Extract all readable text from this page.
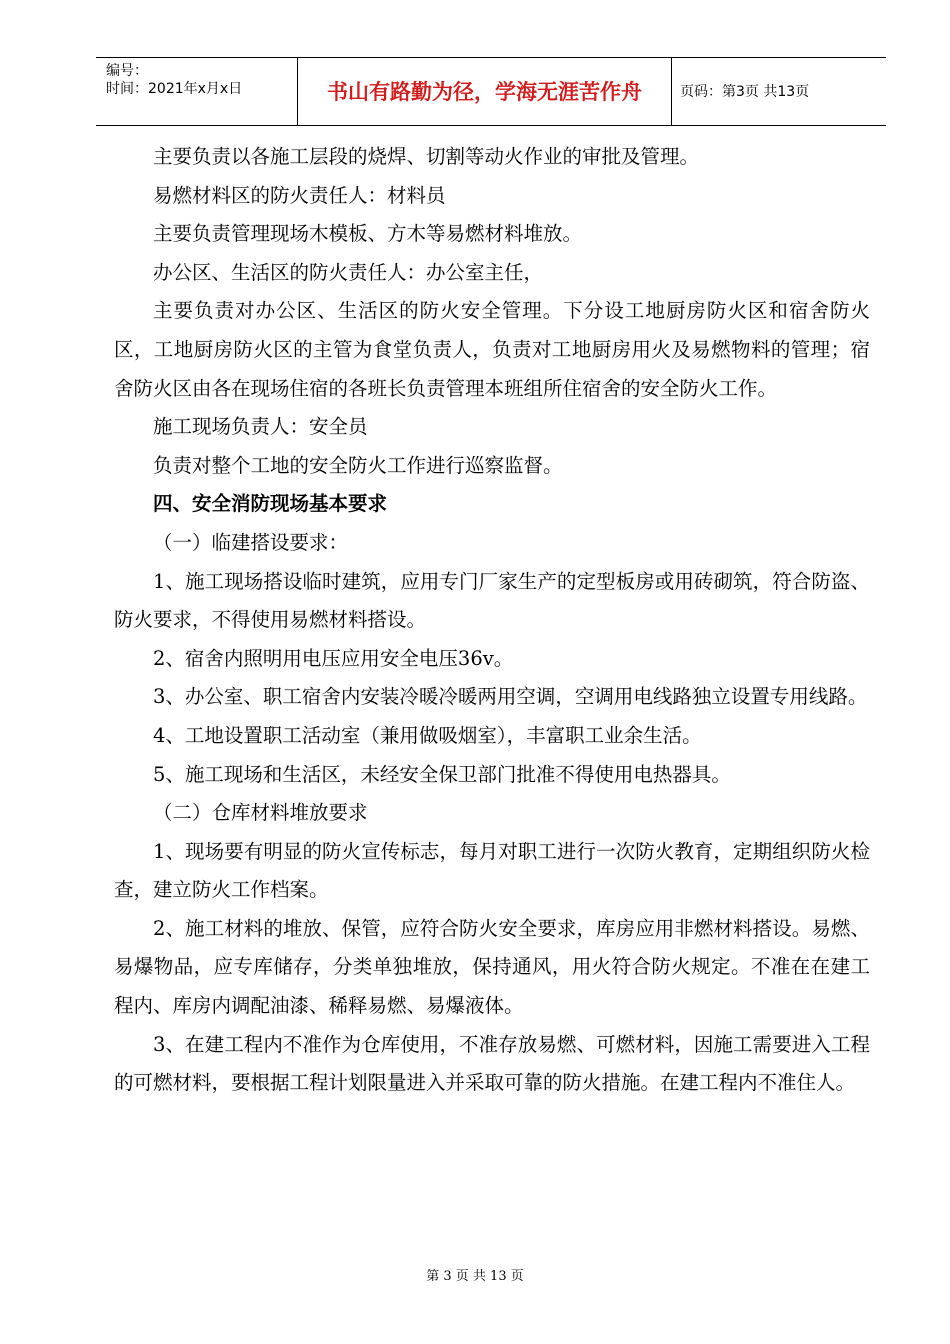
编号：
时间：2021年x月x日	书山有路勤为径，学海无涯苦作舟	页码：第3页 共13页

主要负责以各施工层段的烧焊、切割等动火作业的审批及管理。

易燃材料区的防火责任人：材料员

主要负责管理现场木模板、方木等易燃材料堆放。

办公区、生活区的防火责任人：办公室主任，

主要负责对办公区、生活区的防火安全管理。下分设工地厨房防火区和宿舍防火区，工地厨房防火区的主管为食堂负责人，负责对工地厨房用火及易燃物料的管理；宿舍防火区由各在现场住宿的各班长负责管理本班组所住宿舍的安全防火工作。

施工现场负责人：安全员

负责对整个工地的安全防火工作进行巡察监督。

四、安全消防现场基本要求

（一）临建搭设要求：

1、施工现场搭设临时建筑，应用专门厂家生产的定型板房或用砖砌筑，符合防盗、防火要求，不得使用易燃材料搭设。

2、宿舍内照明用电压应用安全电压36v。

3、办公室、职工宿舍内安装冷暖冷暖两用空调，空调用电线路独立设置专用线路。

4、工地设置职工活动室（兼用做吸烟室），丰富职工业余生活。

5、施工现场和生活区，未经安全保卫部门批准不得使用电热器具。

（二）仓库材料堆放要求

1、现场要有明显的防火宣传标志，每月对职工进行一次防火教育，定期组织防火检查，建立防火工作档案。

2、施工材料的堆放、保管，应符合防火安全要求，库房应用非燃材料搭设。易燃、易爆物品，应专库储存，分类单独堆放，保持通风，用火符合防火规定。不准在在建工程内、库房内调配油漆、稀释易燃、易爆液体。

3、在建工程内不准作为仓库使用，不准存放易燃、可燃材料，因施工需要进入工程的可燃材料，要根据工程计划限量进入并采取可靠的防火措施。在建工程内不准住人。

第 3 页 共 13 页
